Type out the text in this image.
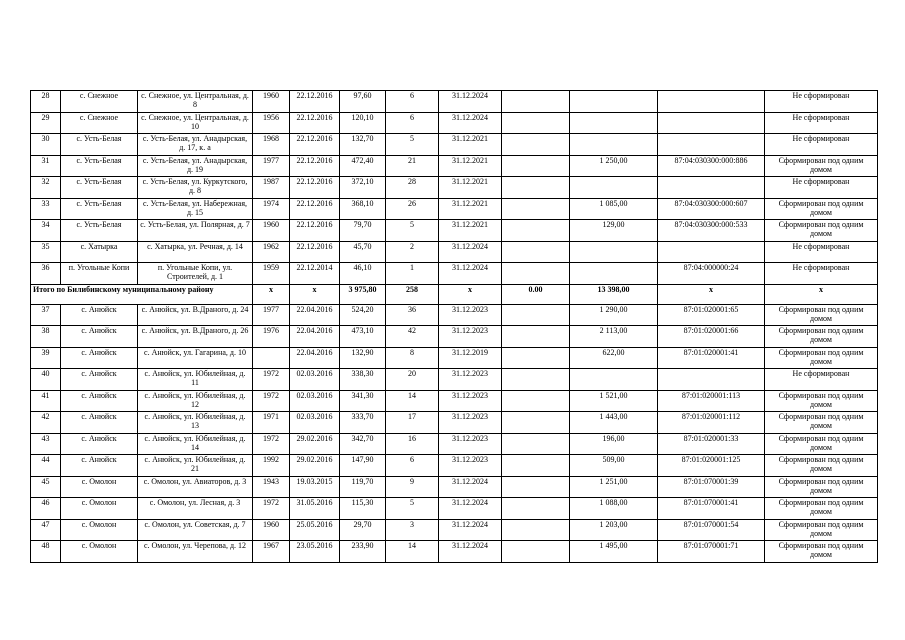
28	с. Снежное	с. Снежное, ул. Центральная, д. 8	1960	22.12.2016	97,60	6	31.12.2024				Не сформирован
29	с. Снежное	с. Снежное, ул. Центральная, д. 10	1956	22.12.2016	120,10	6	31.12.2024				Не сформирован
30	с. Усть-Белая	с. Усть-Белая, ул. Анадырская, д. 17, к. а	1968	22.12.2016	132,70	5	31.12.2021				Не сформирован
31	с. Усть-Белая	с. Усть-Белая, ул. Анадырская, д. 19	1977	22.12.2016	472,40	21	31.12.2021		1 250,00	87:04:030300:000:886	Сформирован под одним домом
32	с. Усть-Белая	с. Усть-Белая, ул. Куркутского, д. 8	1987	22.12.2016	372,10	28	31.12.2021				Не сформирован
33	с. Усть-Белая	с. Усть-Белая, ул. Набережная, д. 15	1974	22.12.2016	368,10	26	31.12.2021		1 085,00	87:04:030300:000:607	Сформирован под одним домом
34	с. Усть-Белая	с. Усть-Белая, ул. Полярная, д. 7	1960	22.12.2016	79,70	5	31.12.2021		129,00	87:04:030300:000:533	Сформирован под одним домом
35	с. Хатырка	с. Хатырка, ул. Речная, д. 14	1962	22.12.2016	45,70	2	31.12.2024				Не сформирован
36	п. Угольные Копи	п. Угольные Копи, ул. Строителей, д. 1	1959	22.12.2014	46,10	1	31.12.2024			87:04:000000:24	Не сформирован
Итого по Билибинскому муниципальному району			х	х	3 975,80	258	х	0.00	13 398,00	х	х
37	с. Анюйск	с. Анюйск, ул. В.Драного, д. 24	1977	22.04.2016	524,20	36	31.12.2023		1 290,00	87:01:020001:65	Сформирован под одним домом
38	с. Анюйск	с. Анюйск, ул. В.Драного, д. 26	1976	22.04.2016	473,10	42	31.12.2023		2 113,00	87:01:020001:66	Сформирован под одним домом
39	с. Анюйск	с. Анюйск, ул. Гагарина, д. 10		22.04.2016	132,90	8	31.12.2019		622,00	87:01:020001:41	Сформирован под одним домом
40	с. Анюйск	с. Анюйск, ул. Юбилейная, д. 11	1972	02.03.2016	338,30	20	31.12.2023				Не сформирован
41	с. Анюйск	с. Анюйск, ул. Юбилейная, д. 12	1972	02.03.2016	341,30	14	31.12.2023		1 521,00	87:01:020001:113	Сформирован под одним домом
42	с. Анюйск	с. Анюйск, ул. Юбилейная, д. 13	1971	02.03.2016	333,70	17	31.12.2023		1 443,00	87:01:020001:112	Сформирован под одним домом
43	с. Анюйск	с. Анюйск, ул. Юбилейная, д. 14	1972	29.02.2016	342,70	16	31.12.2023		196,00	87:01:020001:33	Сформирован под одним домом
44	с. Анюйск	с. Анюйск, ул. Юбилейная, д. 21	1992	29.02.2016	147,90	6	31.12.2023		509,00	87:01:020001:125	Сформирован под одним домом
45	с. Омолон	с. Омолон, ул. Авиаторов, д. 3	1943	19.03.2015	119,70	9	31.12.2024		1 251,00	87:01:070001:39	Сформирован под одним домом
46	с. Омолон	с. Омолон, ул. Лесная, д. 3	1972	31.05.2016	115,30	5	31.12.2024		1 088,00	87:01:070001:41	Сформирован под одним домом
47	с. Омолон	с. Омолон, ул. Советская, д. 7	1960	25.05.2016	29,70	3	31.12.2024		1 203,00	87:01:070001:54	Сформирован под одним домом
48	с. Омолон	с. Омолон, ул. Черепова, д. 12	1967	23.05.2016	233,90	14	31.12.2024		1 495,00	87:01:070001:71	Сформирован под одним домом
